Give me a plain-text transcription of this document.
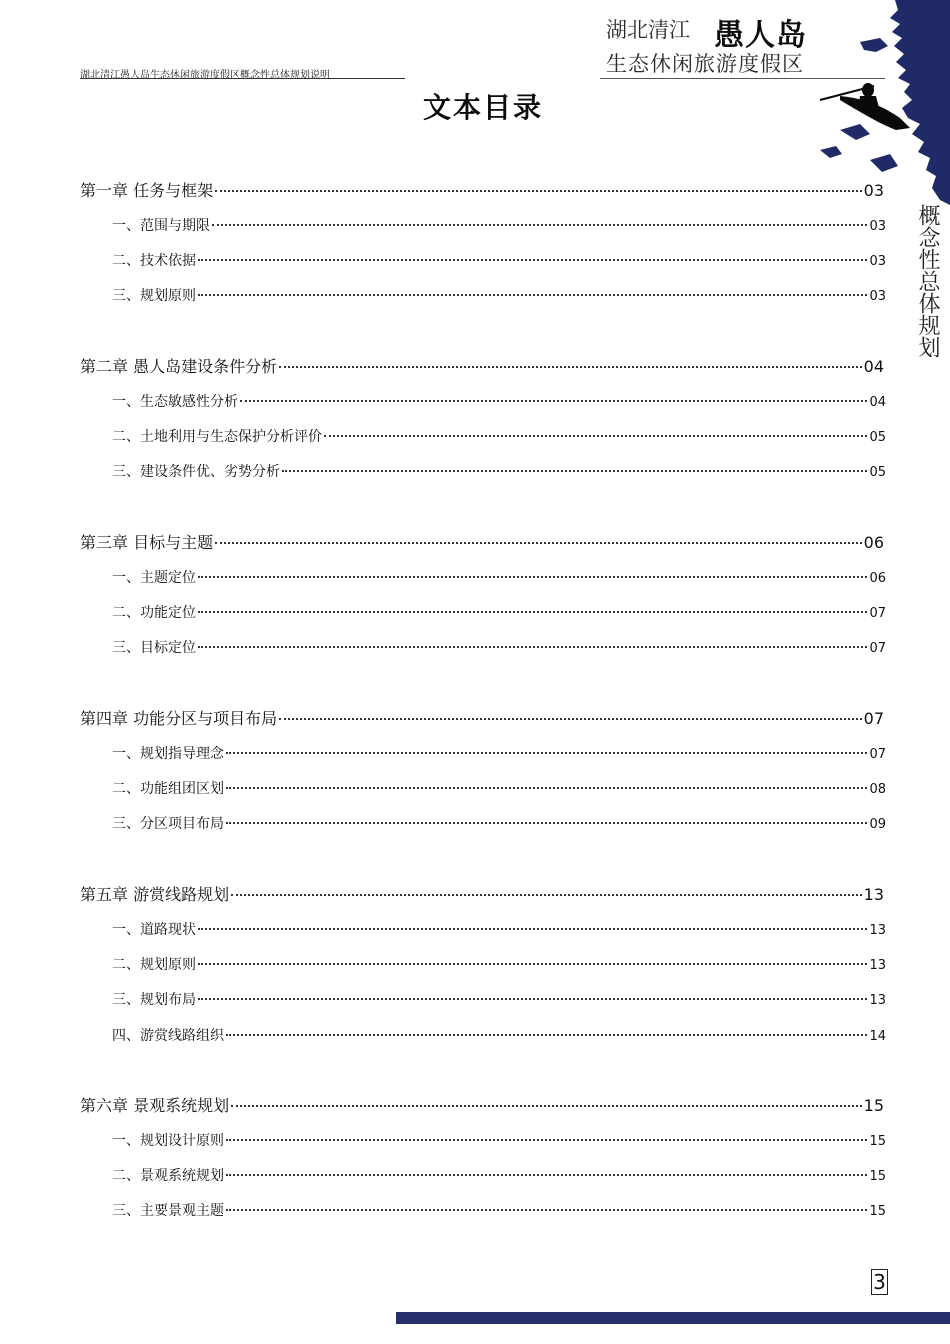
湖北清江愚人岛生态休闲旅游度假区概念性总体规划说明
湖北清江 愚人岛
生态休闲旅游度假区
概念性总体规划
文本目录
第一章 任务与框架	03
一、范围与期限	03
二、技术依据	03
三、规划原则	03
第二章 愚人岛建设条件分析	04
一、生态敏感性分析	04
二、土地利用与生态保护分析评价	05
三、建设条件优、劣势分析	05
第三章 目标与主题	06
一、主题定位	06
二、功能定位	07
三、目标定位	07
第四章 功能分区与项目布局	07
一、规划指导理念	07
二、功能组团区划	08
三、分区项目布局	09
第五章 游赏线路规划	13
一、道路现状	13
二、规划原则	13
三、规划布局	13
四、游赏线路组织	14
第六章 景观系统规划	15
一、规划设计原则	15
二、景观系统规划	15
三、主要景观主题	15
3
